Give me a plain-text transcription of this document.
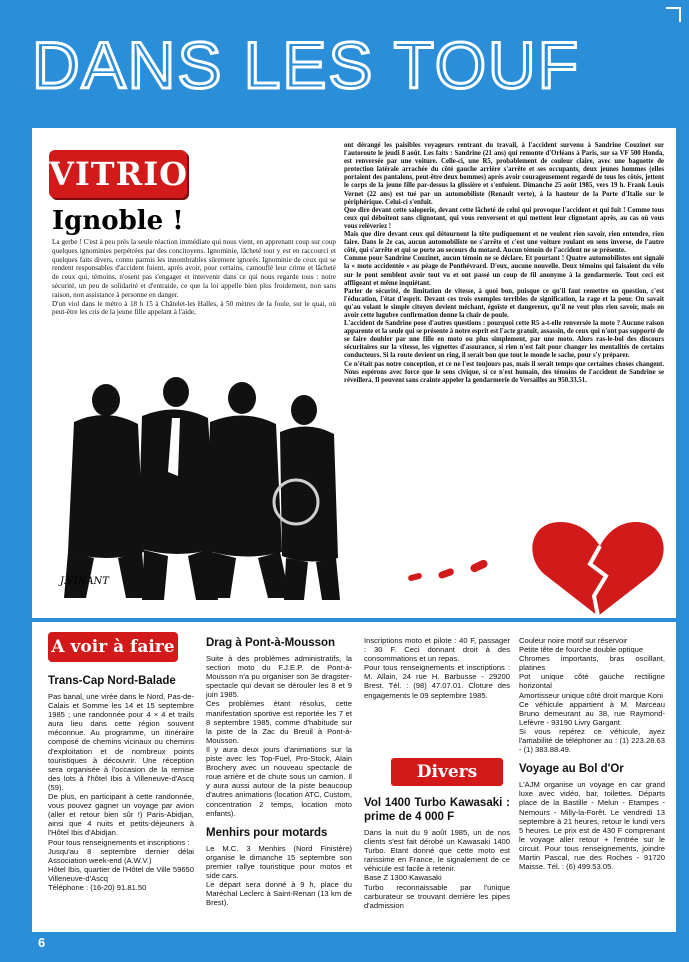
DANS LES TOUF
VITRIOL
Ignoble !

La gerbe ! C'est à peu près la seule réaction immédiate qui nous vient, en apprenant coup sur coup quelques ignominies perpétrées par des concitoyens. Ignominie, lâcheté tout y est en raccourci et quelques faits divers, connu parmis les innombrables sûrement ignorés. Ignominie de ceux qui se rendent responsables d'accident fuient, après avoir, pour certains, camouflé leur crime et lâcheté de ceux qui, témoins, n'osent pas s'engager et intervenir dans ce qui nous regarde tous : notre sécurité, un peu de solidarité et d'entraide, ce que la loi appelle bien plus froidement, non sans raison, non assistance à personne en danger.

D'un viol dans le métro à 18 h 15 à Châtelet-les Halles, à 50 mètres de la foule, sur le quai, où peut-être les cris de la jeune fille appelant à l'aide,

J.VINANT

ont dérangé les paisibles voyageurs rentrant du travail, à l'accident survenu à Sandrine Couzinet sur l'autoroute le jeudi 8 août. Les faits : Sandrine (21 ans) qui remonte d'Orléans à Paris, sur sa VF 500 Honda, est renversée par une voiture. Celle-ci, une R5, probablement de couleur claire, avec une baguette de protection latérale arrachée du côté gauche arrière s'arrête et ses occupants, deux jeunes hommes (elles portaient des pantalons, peut-être deux hommes) après avoir courageusement regardé de tous les côtés, jettent le corps de la jeune fille par-dessus la glissière et s'enfuient. Dimanche 25 août 1985, vers 19 h. Frank Louis Vernet (22 ans) est tué par un automobiliste (Renault verte), à la hauteur de la Porte d'Italie sur le périphérique. Celui-ci s'enfuit.

Que dire devant cette saloperie, devant cette lâcheté de celui qui provoque l'accident et qui fuit ! Comme tous ceux qui déboîtent sans clignotant, qui vous renversent et qui mettent leur clignotant après, au cas où vous vous relèveriez !

Mais que dire devant ceux qui détournent la tête pudiquement et ne veulent rien savoir, rien entendre, rien faire. Dans le 2e cas, aucun automobiliste ne s'arrête et c'est une voiture roulant en sens inverse, de l'autre côté, qui s'arrête et qui se porte au secours du motard. Aucun témoin de l'accident ne se présente.

Comme pour Sandrine Couzinet, aucun témoin ne se déclare. Et pourtant ! Quatre automobilistes ont signalé la « moto accidentée » au péage de Ponthévrard. D'eux, aucune nouvelle. Deux témoins qui faisaient du vélo sur le pont semblent avoir tout vu et ont passé un coup de fil anonyme à la gendarmerie. Tout ceci est affligeant et même inquiétant.

Parler de sécurité, de limitation de vitesse, à quoi bon, puisque ce qu'il faut remettre en question, c'est l'éducation, l'état d'esprit. Devant ces trois exemples terribles de signification, la rage et la peur. On savait qu'au volant le simple citoyen devient méchant, égoïste et dangereux, qu'il ne veut plus rien savoir, mais en avoir cette lugubre confirmation donne la chair de poule.

L'accident de Sandrine pose d'autres questions : pourquoi cette R5 a-t-elle renversée la moto ? Aucune raison apparente et la seule qui se présente à notre esprit est l'acte gratuit, assassin, de ceux qui n'ont pas supporté de se faire doubler par une fille en moto ou plus simplement, par une moto. Alors ras-le-bol des discours sécuritaires sur la vitesse, les vignettes d'assurance, si rien n'est fait pour changer les mentalités de certains conducteurs. Si la route devient un ring, il serait bon que tout le monde le sache, pour s'y préparer.

Ce n'était pas notre conception, et ce ne l'est toujours pas, mais il serait temps que certaines choses changent. Nous espérons avec force que le sens civique, si ce n'est humain, des témoins de l'accident de Sandrine se réveillera. Il peuvent sans crainte appeler la gendarmerie de Versailles au 950.33.51.

A voir à faire
Trans-Cap Nord-Balade

Pas banal, une virée dans le Nord, Pas-de-Calais et Somme les 14 et 15 septembre 1985 ; une randonnée pour 4 × 4 et trails aura lieu dans cette région souvent méconnue. Au programme, un itinéraire composé de chemins vicinaux ou chemins d'exploitation et de nombreux points touristiques à découvrir. Une réception sera organisée à l'occasion de la remise des lots à l'hôtel Ibis à Villeneuve-d'Ascq (59).

De plus, en participant à cette randonnée, vous pouvez gagner un voyage par avion (aller et retour bien sûr !) Paris-Abidjan, ainsi que 4 nuits et petits-déjeuners à l'Hôtel Ibis d'Abidjan.

Pour tous renseignements et inscriptions :

Jusqu'au 8 septembre dernier délai Association week-end (A.W.V.)

Hôtel Ibis, quartier de l'Hôtel de Ville 59650 Villeneuve-d'Ascq

Téléphone : (16-20) 91.81.50

Drag à Pont-à-Mousson

Suite à des problèmes administratifs, la section moto du F.J.E.P. de Pont-à-Mousson n'a pu organiser son 3e dragster-spectacle qui devait se dérouler les 8 et 9 juin 1985.

Ces problèmes étant résolus, cette manifestation sportive est reportée les 7 et 8 septembre 1985, comme d'habitude sur la piste de la Zac du Breuil à Pont-à-Mousson.

Il y aura deux jours d'animations sur la piste avec les Top-Fuel, Pro-Stock, Alain Brochery avec un nouveau spectacle de roue arrière et de chute sous un camion. Il y aura aussi autour de la piste beaucoup d'autres animations (location ATC, Custom, concentration 2 temps, location moto enfants).

Menhirs pour motards

Le M.C. 3 Menhirs (Nord Finistère) organise le dimanche 15 septembre son premier rallye touristique pour motos et side cars.

Le départ sera donné à 9 h, place du Maréchal Leclerc à Saint-Renan (13 km de Brest).

Inscriptions moto et pilote : 40 F, passager : 30 F. Ceci donnant droit à des consommations et un repas.

Pour tous renseignements et inscriptions : M. Allain, 24 rue H. Barbusse - 29200 Brest. Tél. : (98) 47.07.01. Cloture des engagements le 09 septembre 1985.

Divers
Vol 1400 Turbo Kawasaki : prime de 4 000 F

Dans la nuit du 9 août 1985, un de nos clients s'est fait dérobé un Kawasaki 1400 Turbo. Etant donné que cette moto est rarissime en France, le signalement de ce véhicule est facile à retenir.

Base Z 1300 Kawasaki

Turbo reconnaissable par l'unique carburateur se trouvant derrière les pipes d'admission

Couleur noire motif sur réservoir

Petite tête de fourche double optique

Chromes importants, bras oscillant, platines

Pot unique côté gauche rectiligne horizontal

Amortisseur unique côté droit marque Koni

Ce véhicule appartient à M. Marceau Bruno demeurant au 38, rue Raymond-Lefèvre - 93190 Livry Gargant.

Si vous repérez ce véhicule, ayez l'amabilité de téléphoner au : (1) 223.28.63 - (1) 383.88.49.

Voyage au Bol d'Or

L'AJM organise un voyage en car grand luxe avec vidéo, bar, toilettes. Départs place de la Bastille - Melun - Etampes - Nemours - Milly-la-Forêt. Le vendredi 13 septembre à 21 heures, retour le lundi vers 5 heures. Le prix est de 430 F comprenant le voyage aller retour + l'entrée sur le circuit. Pour tous renseignements, joindre Martin Pascal, rue des Roches - 91720 Maisse. Tél. : (6) 499.53.05.

6
